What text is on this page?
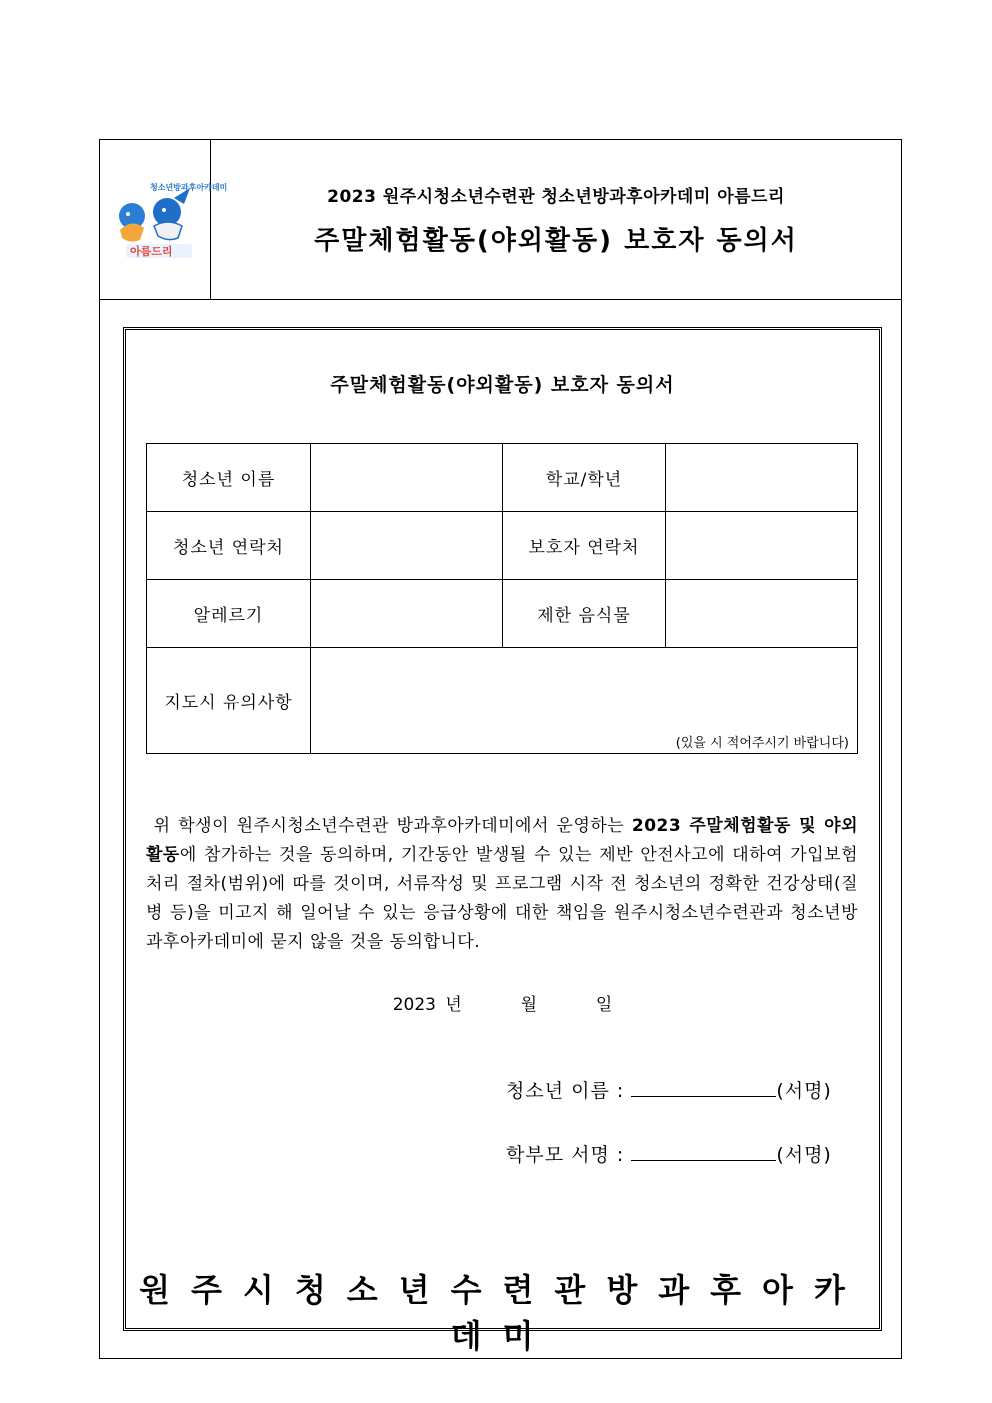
청소년방과후아카데미
아름드리
2023 원주시청소년수련관 청소년방과후아카데미 아름드리
주말체험활동(야외활동) 보호자 동의서
주말체험활동(야외활동) 보호자 동의서
청소년 이름		학교/학년	
청소년 연락처		보호자 연락처	
알레르기		제한 음식물	
지도시 유의사항	(있을 시 적어주시기 바랍니다)		
위 학생이 원주시청소년수련관 방과후아카데미에서 운영하는 2023 주말체험활동 및 야외활동에 참가하는 것을 동의하며, 기간동안 발생될 수 있는 제반 안전사고에 대하여 가입보험 처리 절차(범위)에 따를 것이며, 서류작성 및 프로그램 시작 전 청소년의 정확한 건강상태(질병 등)을 미고지 해 일어날 수 있는 응급상황에 대한 책임을 원주시청소년수련관과 청소년방과후아카데미에 묻지 않을 것을 동의합니다.
2023 년	월	일
청소년 이름 :	(서명)
학부모 서명 :	(서명)
원주시청소년수련관방과후아카데미
